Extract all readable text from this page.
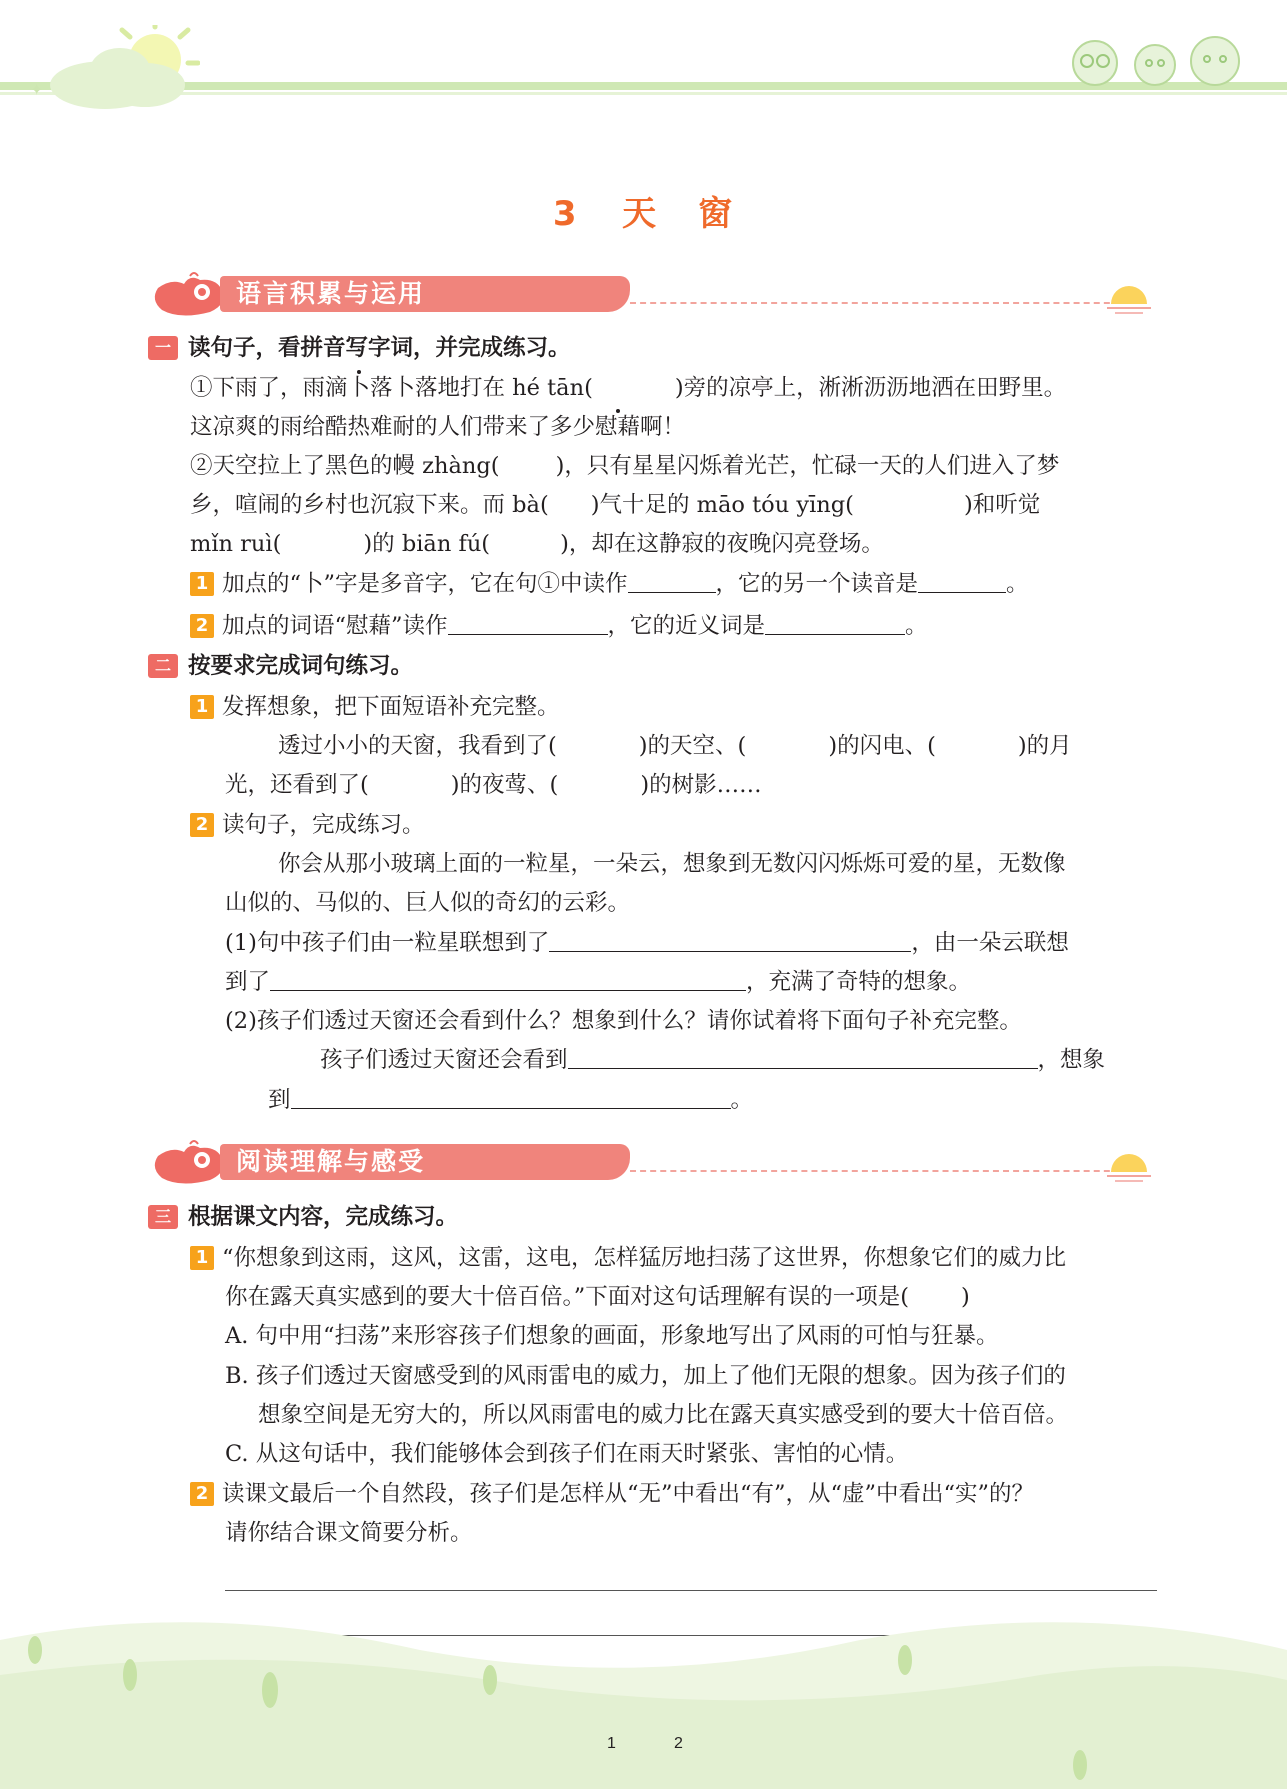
✦
3 天 窗
语言积累与运用
一 读句子，看拼音写字词，并完成练习。
①下雨了，雨滴卜落卜落地打在 hé tān(	)旁的凉亭上，淅淅沥沥地洒在田野里。
这凉爽的雨给酷热难耐的人们带来了多少慰藉啊！
②天空拉上了黑色的幔 zhàng( )，只有星星闪烁着光芒，忙碌一天的人们进入了梦
乡，喧闹的乡村也沉寂下来。而 bà( )气十足的 māo tóu yīng(	)和听觉
mǐn ruì(	)的 biān fú(	)，却在这静寂的夜晚闪亮登场。
1 加点的“卜”字是多音字，它在句①中读作	，它的另一个读音是	。
2 加点的词语“慰藉”读作	，它的近义词是	。
二 按要求完成词句练习。
1 发挥想象，把下面短语补充完整。
透过小小的天窗，我看到了(	)的天空、(	)的闪电、(	)的月
光，还看到了(	)的夜莺、(	)的树影……
2 读句子，完成练习。
你会从那小玻璃上面的一粒星，一朵云，想象到无数闪闪烁烁可爱的星，无数像
山似的、马似的、巨人似的奇幻的云彩。
(1)句中孩子们由一粒星联想到了	，由一朵云联想
到了	，充满了奇特的想象。
(2)孩子们透过天窗还会看到什么？想象到什么？请你试着将下面句子补充完整。
孩子们透过天窗还会看到	，想象
到	。
阅读理解与感受
三 根据课文内容，完成练习。
1 “你想象到这雨，这风，这雷，这电，怎样猛厉地扫荡了这世界，你想象它们的威力比
你在露天真实感到的要大十倍百倍。”下面对这句话理解有误的一项是( )
A. 句中用“扫荡”来形容孩子们想象的画面，形象地写出了风雨的可怕与狂暴。
B. 孩子们透过天窗感受到的风雨雷电的威力，加上了他们无限的想象。因为孩子们的
想象空间是无穷大的，所以风雨雷电的威力比在露天真实感受到的要大十倍百倍。
C. 从这句话中，我们能够体会到孩子们在雨天时紧张、害怕的心情。
2 读课文最后一个自然段，孩子们是怎样从“无”中看出“有”，从“虚”中看出“实”的？
请你结合课文简要分析。
1	2
